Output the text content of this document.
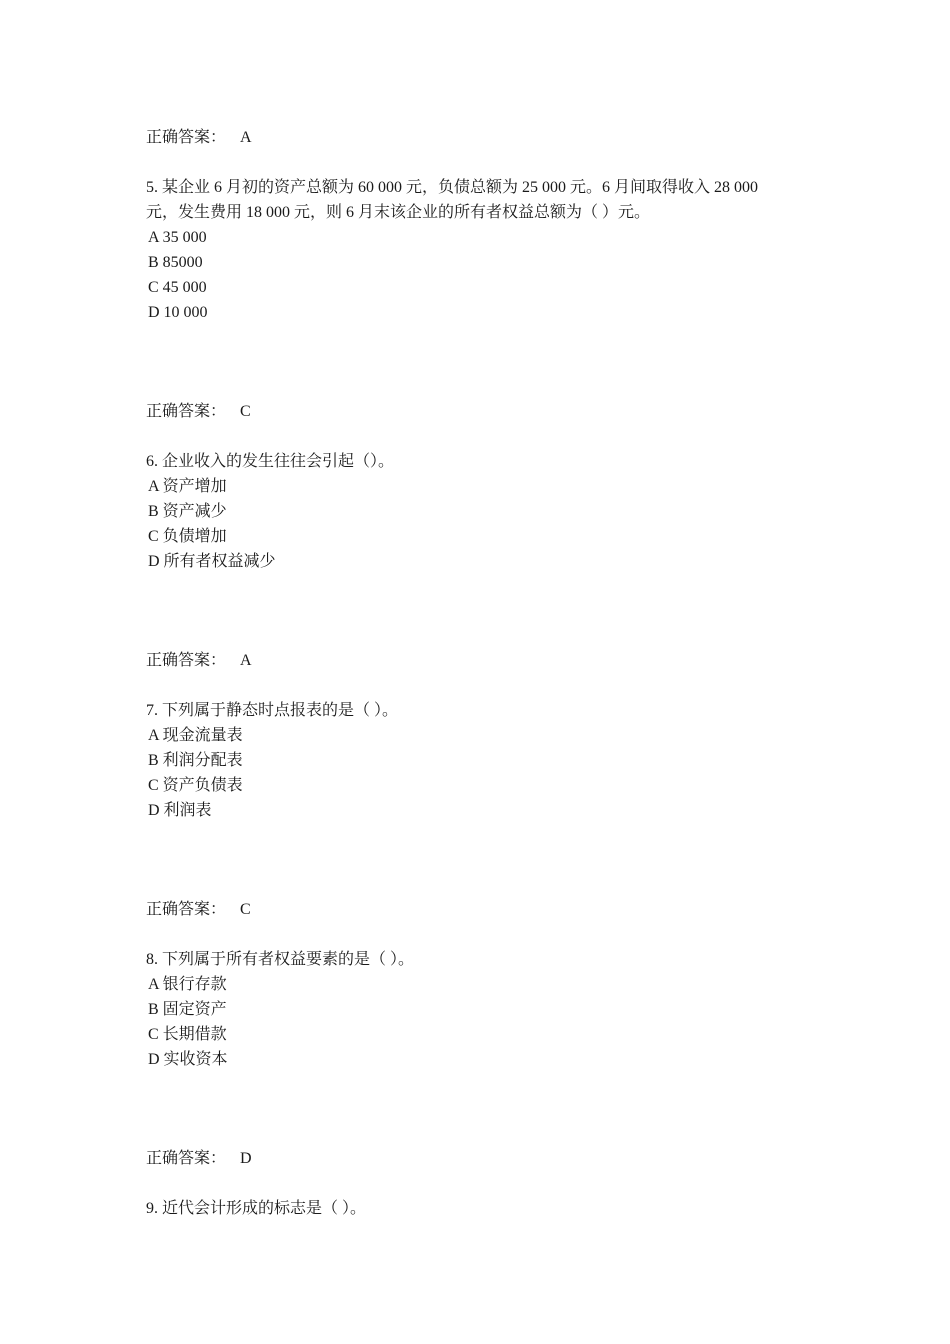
正确答案： A
5. 某企业 6 月初的资产总额为 60 000 元，负债总额为 25 000 元。6 月间取得收入 28 000
元，发生费用 18 000 元，则 6 月末该企业的所有者权益总额为（ ）元。
A 35 000
B 85000
C 45 000
D 10 000
正确答案： C
6. 企业收入的发生往往会引起（）。
A 资产增加
B 资产减少
C 负债增加
D 所有者权益减少
正确答案： A
7. 下列属于静态时点报表的是（ ）。
A 现金流量表
B 利润分配表
C 资产负债表
D 利润表
正确答案： C
8. 下列属于所有者权益要素的是（ ）。
A 银行存款
B 固定资产
C 长期借款
D 实收资本
正确答案： D
9. 近代会计形成的标志是（ ）。
